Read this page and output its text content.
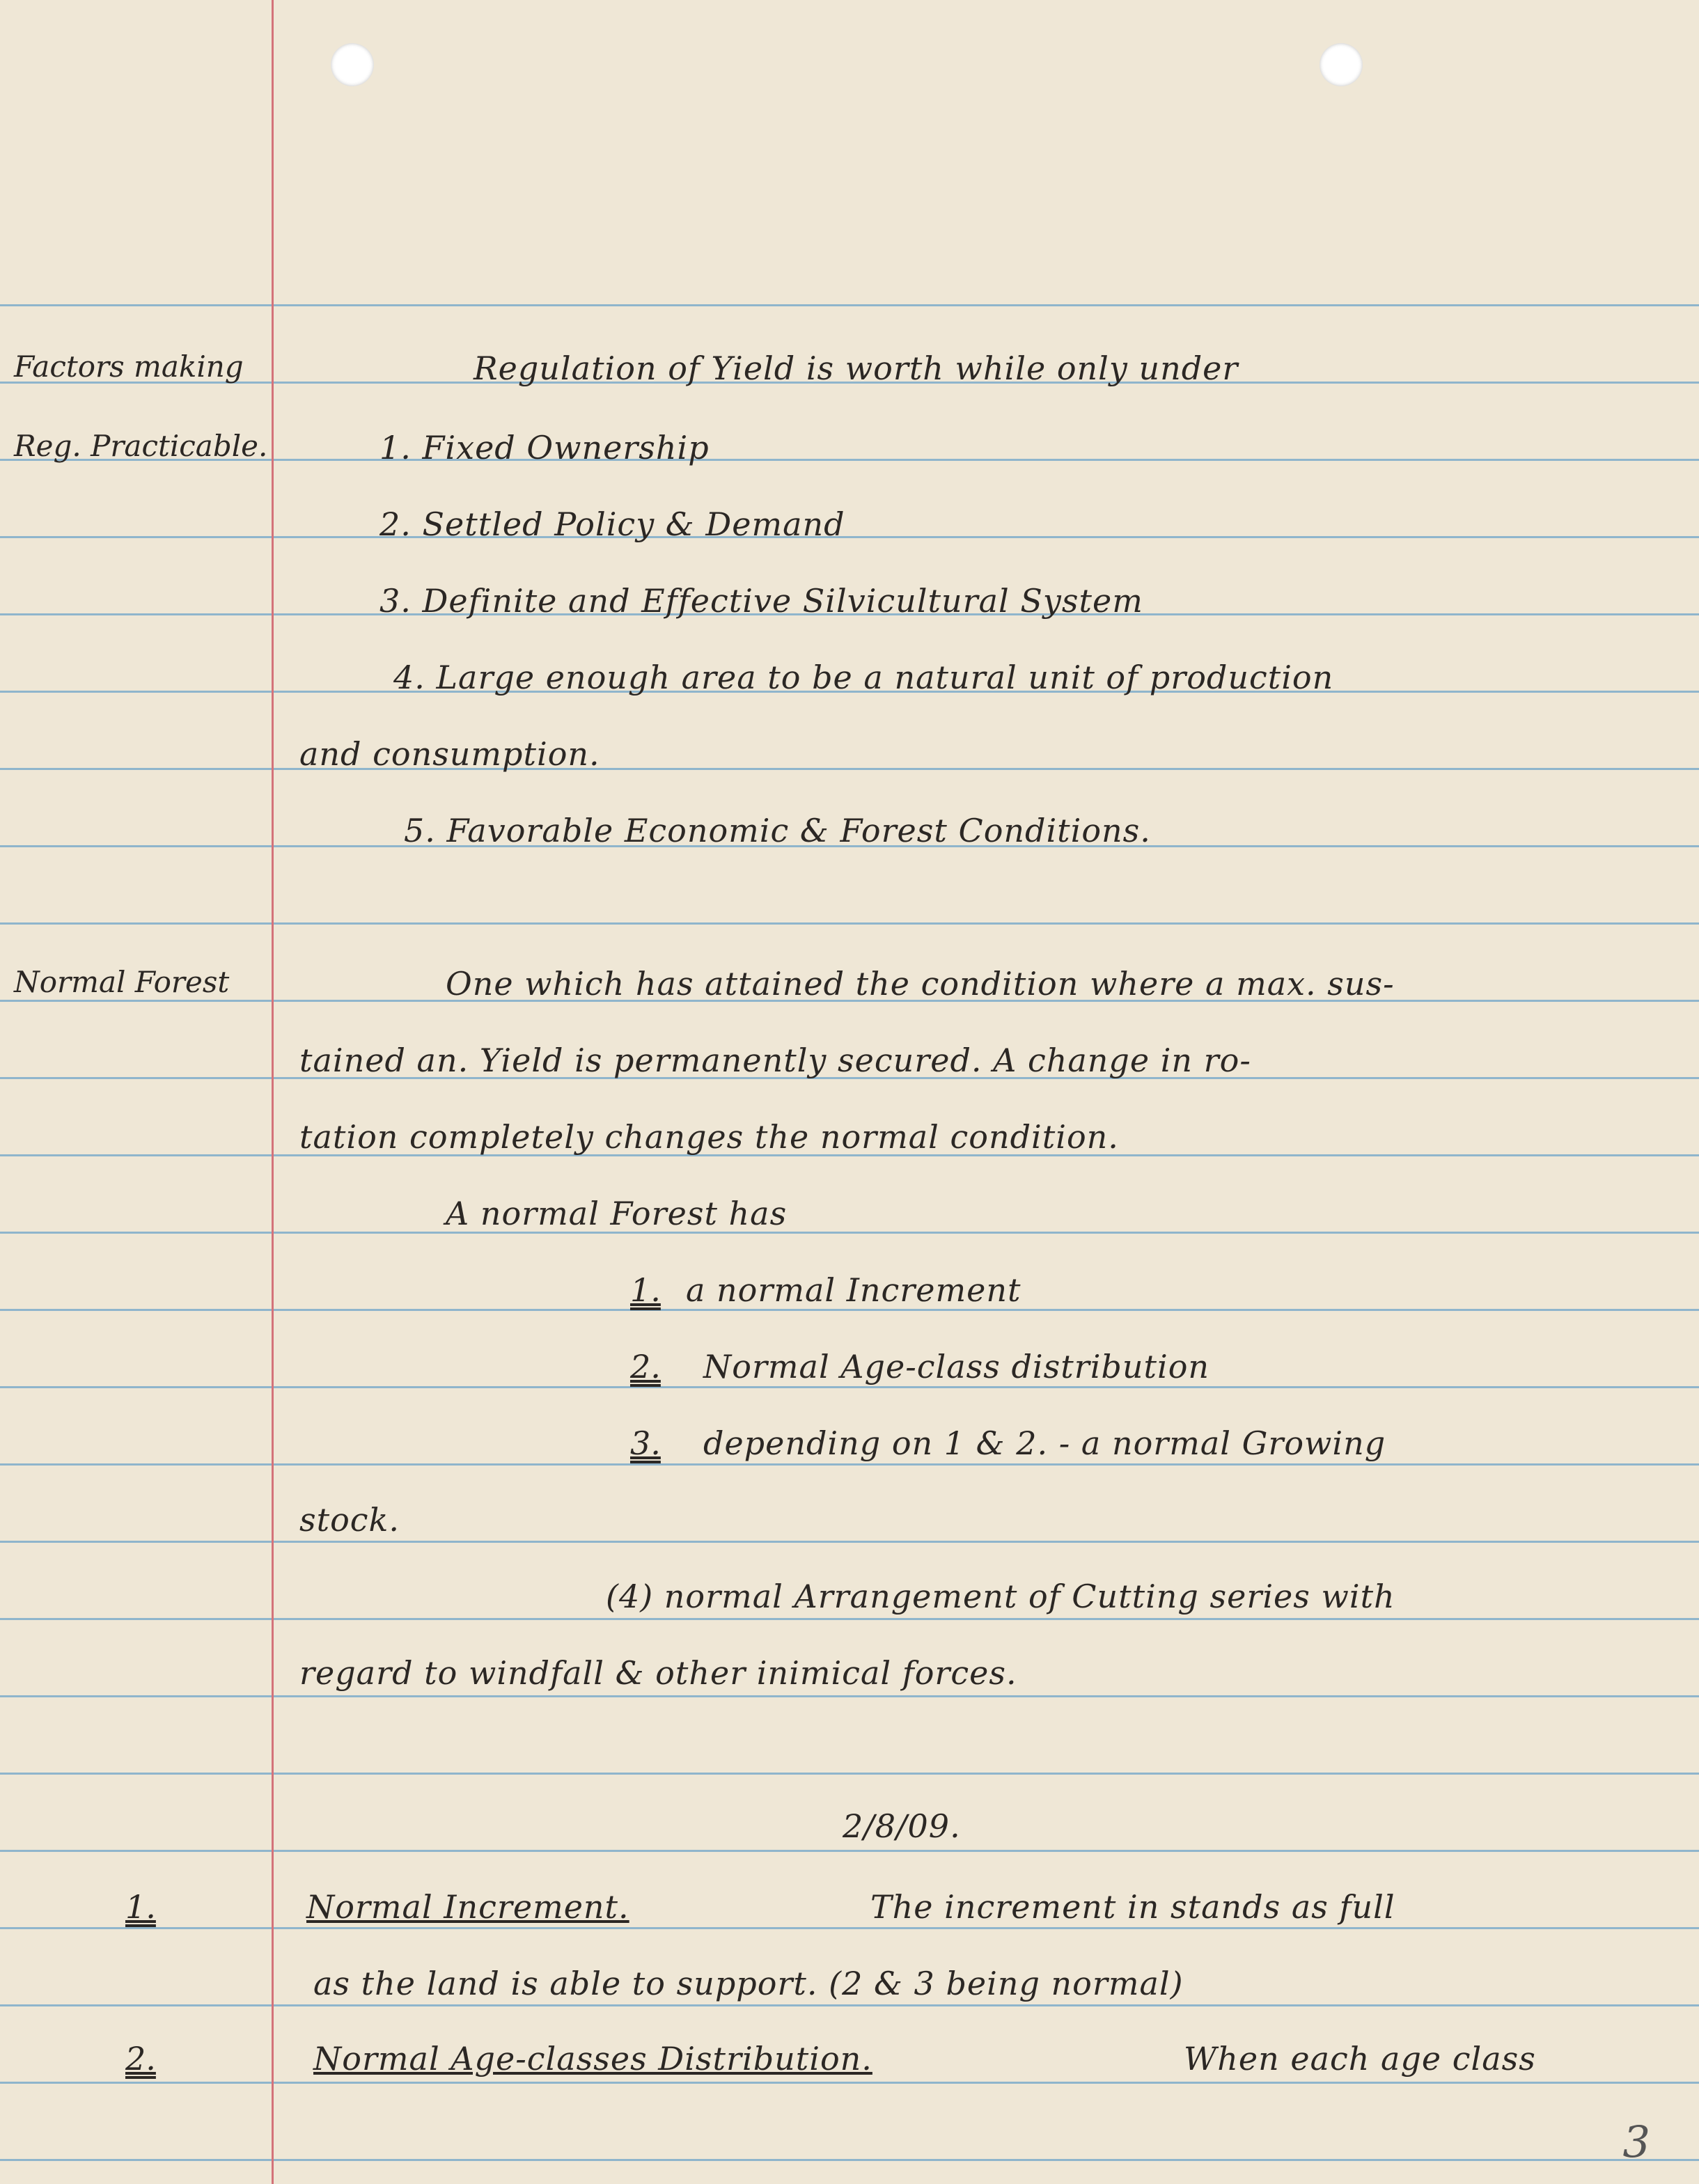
Factors making
Reg. Practicable.
Normal Forest
1.
2.
Regulation of Yield is worth while only under
1. Fixed Ownership
2. Settled Policy & Demand
3. Definite and Effective Silvicultural System
4. Large enough area to be a natural unit of production
and consumption.
5. Favorable Economic & Forest Conditions.
One which has attained the condition where a max. sus-
tained an. Yield is permanently secured. A change in ro-
tation completely changes the normal condition.
A normal Forest has
1. a normal Increment
2. Normal Age-class distribution
3. depending on 1 & 2. - a normal Growing
stock.
(4) normal Arrangement of Cutting series with
regard to windfall & other inimical forces.
2/8/09.
Normal Increment.	The increment in stands as full
as the land is able to support. (2 & 3 being normal)
Normal Age-classes Distribution.	When each age class
3
